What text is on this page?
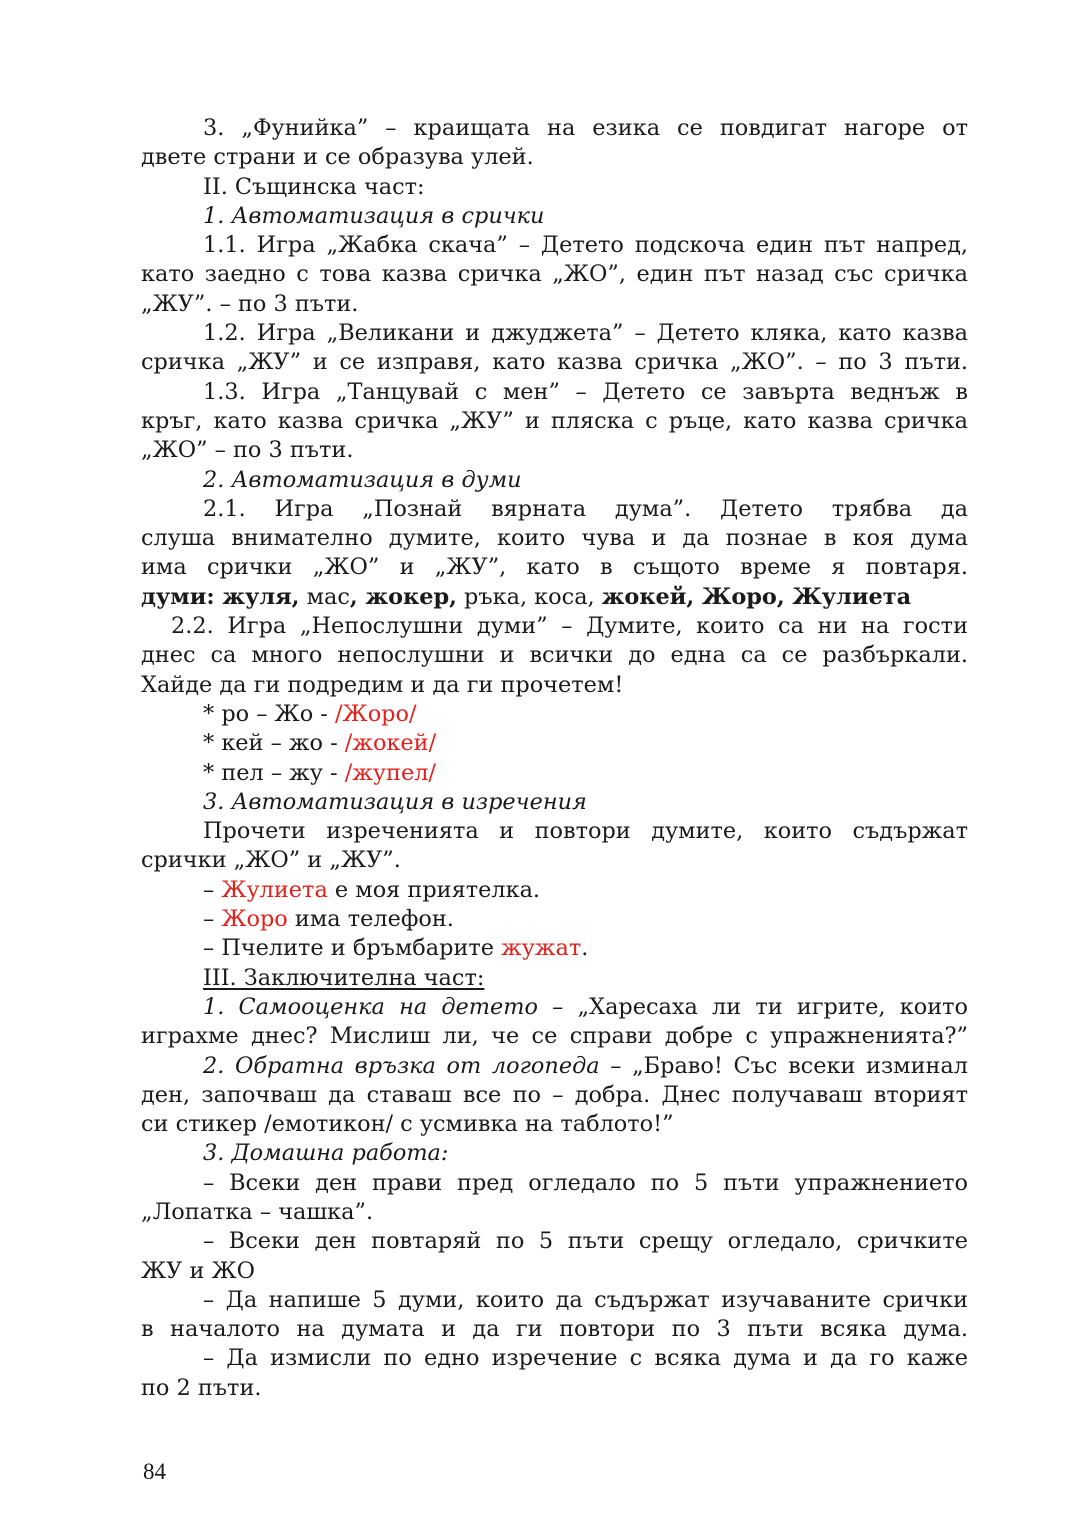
3. „Фунийка” – краищата на езика се повдигат нагоре от
двете страни и се образува улей.
II. Същинска част:
1. Автоматизация в срички
1.1. Игра „Жабка скача” – Детето подскоча един път напред,
като заедно с това казва сричка „ЖО”, един път назад със сричка
„ЖУ”. – по 3 пъти.
1.2. Игра „Великани и джуджета” – Детето кляка, като казва
сричка „ЖУ” и се изправя, като казва сричка „ЖО”. – по 3 пъти.
1.3. Игра „Танцувай с мен” – Детето се завърта веднъж в
кръг, като казва сричка „ЖУ” и пляска с ръце, като казва сричка
„ЖО” – по 3 пъти.
2. Автоматизация в думи
2.1. Игра „Познай вярната дума”. Детето трябва да
слуша внимателно думите, които чува и да познае в коя дума
има срички „ЖО” и „ЖУ”, като в същото време я повтаря.
думи: жуля, мас, жокер, ръка, коса, жокей, Жоро, Жулиета
2.2. Игра „Непослушни думи” – Думите, които са ни на гости
днес са много непослушни и всички до една са се разбъркали.
Хайде да ги подредим и да ги прочетем!
* ро – Жо - /Жоро/
* кей – жо - /жокей/
* пел – жу - /жупел/
3. Автоматизация в изречения
Прочети изреченията и повтори думите, които съдържат
срички „ЖО” и „ЖУ”.
– Жулиета е моя приятелка.
– Жоро има телефон.
– Пчелите и бръмбарите жужат.
III. Заключителна част:
1. Самооценка на детето – „Харесаха ли ти игрите, които
играхме днес? Мислиш ли, че се справи добре с упражненията?”
2. Обратна връзка от логопеда – „Браво! Със всеки изминал
ден, започваш да ставаш все по – добра. Днес получаваш вторият
си стикер /емотикон/ с усмивка на таблото!”
3. Домашна работа:
– Всеки ден прави пред огледало по 5 пъти упражнението
„Лопатка – чашка”.
– Всеки ден повтаряй по 5 пъти срещу огледало, сричките
ЖУ и ЖО
– Да напише 5 думи, които да съдържат изучаваните срички
в началото на думата и да ги повтори по 3 пъти всяка дума.
– Да измисли по едно изречение с всяка дума и да го каже
по 2 пъти.
84
